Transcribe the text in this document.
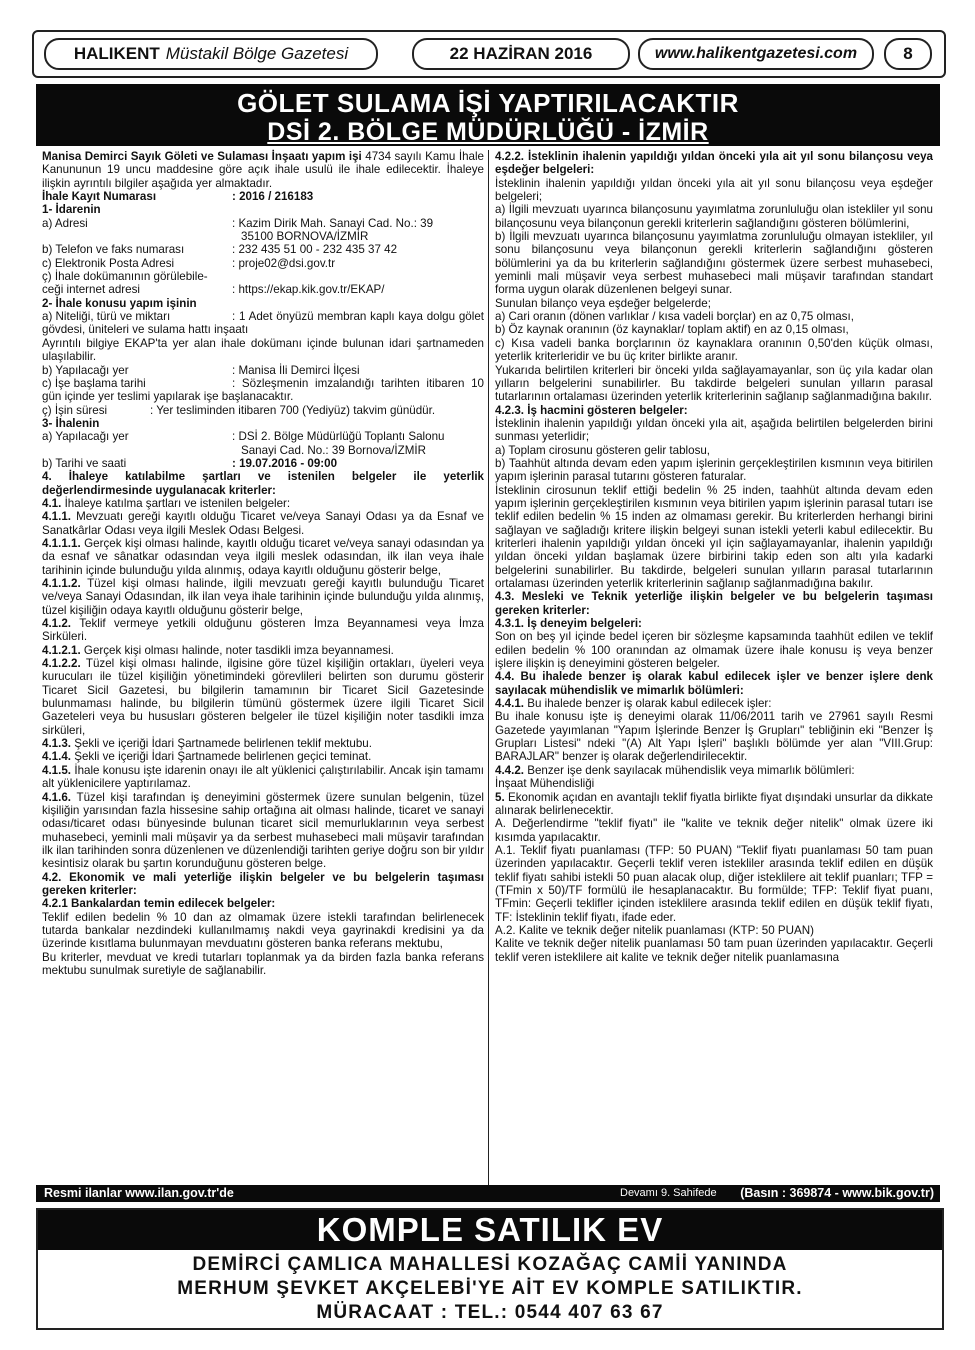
HALIKENT Müstakil Bölge Gazetesi	22 HAZİRAN 2016	www.halikentgazetesi.com	8
GÖLET SULAMA İŞİ YAPTIRILACAKTIR
DSİ 2. BÖLGE MÜDÜRLÜĞÜ - İZMİR

Manisa Demirci Sayık Göleti ve Sulaması İnşaatı yapım işi 4734 sayılı Kamu İhale Kanununun 19 uncu maddesine göre açık ihale usulü ile ihale edilecektir. İhaleye ilişkin ayrıntılı bilgiler aşağıda yer almaktadır.

İhale Kayıt Numarası	: 2016 / 216183

1- İdarenin

a) Adresi	: Kazim Dirik Mah. Sanayi Cad. No.: 39
35100 BORNOVA/İZMİR
b) Telefon ve faks numarası	: 232 435 51 00 - 232 435 37 42
c) Elektronik Posta Adresi	: proje02@dsi.gov.tr
ç) İhale dokümanının görülebile-
ceği internet adresi	: https://ekap.kik.gov.tr/EKAP/

2- İhale konusu yapım işinin

a) Niteliği, türü ve miktarı	: 1 Adet önyüzü membran kaplı kaya dolgu gölet gövdesi, üniteleri ve sulama hattı inşaatı

Ayrıntılı bilgiye EKAP'ta yer alan ihale dokümanı içinde bulunan idari şartnameden ulaşılabilir.

b) Yapılacağı yer	: Manisa İli Demirci İlçesi

c) İşe başlama tarihi	: Sözleşmenin imzalandığı tarihten itibaren 10 gün içinde yer teslimi yapılarak işe başlanacaktır.

ç) İşin süresi	: Yer tesliminden itibaren 700 (Yediyüz) takvim günüdür.

3- İhalenin

a) Yapılacağı yer	: DSİ 2. Bölge Müdürlüğü Toplantı Salonu
Sanayi Cad. No.: 39 Bornova/İZMİR
b) Tarihi ve saati	: 19.07.2016 - 09:00

4. İhaleye katılabilme şartları ve istenilen belgeler ile yeterlik değerlendirmesinde uygulanacak kriterler:

4.1. İhaleye katılma şartları ve istenilen belgeler:

4.1.1. Mevzuatı gereği kayıtlı olduğu Ticaret ve/veya Sanayi Odası ya da Esnaf ve Sanatkârlar Odası veya ilgili Meslek Odası Belgesi.

4.1.1.1. Gerçek kişi olması halinde, kayıtlı olduğu ticaret ve/veya sanayi odasından ya da esnaf ve sânatkar odasından veya ilgili meslek odasından, ilk ilan veya ihale tarihinin içinde bulunduğu yılda alınmış, odaya kayıtlı olduğunu gösterir belge,

4.1.1.2. Tüzel kişi olması halinde, ilgili mevzuatı gereği kayıtlı bulunduğu Ticaret ve/veya Sanayi Odasından, ilk ilan veya ihale tarihinin içinde bulunduğu yılda alınmış, tüzel kişiliğin odaya kayıtlı olduğunu gösterir belge,

4.1.2. Teklif vermeye yetkili olduğunu gösteren İmza Beyannamesi veya İmza Sirküleri.

4.1.2.1. Gerçek kişi olması halinde, noter tasdikli imza beyannamesi.

4.1.2.2. Tüzel kişi olması halinde, ilgisine göre tüzel kişiliğin ortakları, üyeleri veya kurucuları ile tüzel kişiliğin yönetimindeki görevlileri belirten son durumu gösterir Ticaret Sicil Gazetesi, bu bilgilerin tamamının bir Ticaret Sicil Gazetesinde bulunmaması halinde, bu bilgilerin tümünü göstermek üzere ilgili Ticaret Sicil Gazeteleri veya bu hususları gösteren belgeler ile tüzel kişiliğin noter tasdikli imza sirküleri,

4.1.3. Şekli ve içeriği İdari Şartnamede belirlenen teklif mektubu.

4.1.4. Şekli ve içeriği İdari Şartnamede belirlenen geçici teminat.

4.1.5. İhale konusu işte idarenin onayı ile alt yüklenici çalıştırılabilir. Ancak işin tamamı alt yüklenicilere yaptırılamaz.

4.1.6. Tüzel kişi tarafından iş deneyimini göstermek üzere sunulan belgenin, tüzel kişiliğin yarısından fazla hissesine sahip ortağına ait olması halinde, ticaret ve sanayi odası/ticaret odası bünyesinde bulunan ticaret sicil memurluklarının veya serbest muhasebeci, yeminli mali müşavir ya da serbest muhasebeci mali müşavir tarafından ilk ilan tarihinden sonra düzenlenen ve düzenlendiği tarihten geriye doğru son bir yıldır kesintisiz olarak bu şartın korunduğunu gösteren belge.

4.2. Ekonomik ve mali yeterliğe ilişkin belgeler ve bu belgelerin taşıması gereken kriterler:

4.2.1 Bankalardan temin edilecek belgeler:

Teklif edilen bedelin % 10 dan az olmamak üzere istekli tarafından belirlenecek tutarda bankalar nezdindeki kullanılmamış nakdi veya gayrinakdi kredisini ya da üzerinde kısıtlama bulunmayan mevduatını gösteren banka referans mektubu,

Bu kriterler, mevduat ve kredi tutarları toplanmak ya da birden fazla banka referans mektubu sunulmak suretiyle de sağlanabilir.

4.2.2. İsteklinin ihalenin yapıldığı yıldan önceki yıla ait yıl sonu bilançosu veya eşdeğer belgeleri:

İsteklinin ihalenin yapıldığı yıldan önceki yıla ait yıl sonu bilançosu veya eşdeğer belgeleri;

a) İlgili mevzuatı uyarınca bilançosunu yayımlatma zorunluluğu olan istekliler yıl sonu bilançosunu veya bilançonun gerekli kriterlerin sağlandığını gösteren bölümlerini,

b) İlgili mevzuatı uyarınca bilançosunu yayımlatma zorunluluğu olmayan istekliler, yıl sonu bilançosunu veya bilançonun gerekli kriterlerin sağlandığını gösteren bölümlerini ya da bu kriterlerin sağlandığını göstermek üzere serbest muhasebeci, yeminli mali müşavir veya serbest muhasebeci mali müşavir tarafından standart forma uygun olarak düzenlenen belgeyi sunar.

Sunulan bilanço veya eşdeğer belgelerde;

a) Cari oranın (dönen varlıklar / kısa vadeli borçlar) en az 0,75 olması,

b) Öz kaynak oranının (öz kaynaklar/ toplam aktif) en az 0,15 olması,

c) Kısa vadeli banka borçlarının öz kaynaklara oranının 0,50'den küçük olması, yeterlik kriterleridir ve bu üç kriter birlikte aranır.

Yukarıda belirtilen kriterleri bir önceki yılda sağlayamayanlar, son üç yıla kadar olan yılların belgelerini sunabilirler. Bu takdirde belgeleri sunulan yılların parasal tutarlarının ortalaması üzerinden yeterlik kriterlerinin sağlanıp sağlanmadığına bakılır.

4.2.3. İş hacmini gösteren belgeler:

İsteklinin ihalenin yapıldığı yıldan önceki yıla ait, aşağıda belirtilen belgelerden birini sunması yeterlidir;

a) Toplam cirosunu gösteren gelir tablosu,

b) Taahhüt altında devam eden yapım işlerinin gerçekleştirilen kısmının veya bitirilen yapım işlerinin parasal tutarını gösteren faturalar.

İsteklinin cirosunun teklif ettiği bedelin % 25 inden, taahhüt altında devam eden yapım işlerinin gerçekleştirilen kısmının veya bitirilen yapım işlerinin parasal tutarı ise teklif edilen bedelin % 15 inden az olmaması gerekir. Bu kriterlerden herhangi birini sağlayan ve sağladığı kritere ilişkin belgeyi sunan istekli yeterli kabul edilecektir. Bu kriterleri ihalenin yapıldığı yıldan önceki yıl için sağlayamayanlar, ihalenin yapıldığı yıldan önceki yıldan başlamak üzere birbirini takip eden son altı yıla kadarki belgelerini sunabilirler. Bu takdirde, belgeleri sunulan yılların parasal tutarlarının ortalaması üzerinden yeterlik kriterlerinin sağlanıp sağlanmadığına bakılır.

4.3. Mesleki ve Teknik yeterliğe ilişkin belgeler ve bu belgelerin taşıması gereken kriterler:

4.3.1. İş deneyim belgeleri:

Son on beş yıl içinde bedel içeren bir sözleşme kapsamında taahhüt edilen ve teklif edilen bedelin % 100 oranından az olmamak üzere ihale konusu iş veya benzer işlere ilişkin iş deneyimini gösteren belgeler.

4.4. Bu ihalede benzer iş olarak kabul edilecek işler ve benzer işlere denk sayılacak mühendislik ve mimarlık bölümleri:

4.4.1. Bu ihalede benzer iş olarak kabul edilecek işler:

Bu ihale konusu işte iş deneyimi olarak 11/06/2011 tarih ve 27961 sayılı Resmi Gazetede yayımlanan "Yapım İşlerinde Benzer İş Grupları" tebliğinin eki "Benzer İş Grupları Listesi" ndeki "(A) Alt Yapı İşleri" başlıklı bölümde yer alan "VIII.Grup: BARAJLAR" benzer iş olarak değerlendirilecektir.

4.4.2. Benzer işe denk sayılacak mühendislik veya mimarlık bölümleri:

İnşaat Mühendisliği

5. Ekonomik açıdan en avantajlı teklif fiyatla birlikte fiyat dışındaki unsurlar da dikkate alınarak belirlenecektir.

A. Değerlendirme "teklif fiyatı" ile "kalite ve teknik değer nitelik" olmak üzere iki kısımda yapılacaktır.

A.1. Teklif fiyatı puanlaması (TFP: 50 PUAN) "Teklif fiyatı puanlaması 50 tam puan üzerinden yapılacaktır. Geçerli teklif veren istekliler arasında teklif edilen en düşük teklif fiyatı sahibi istekli 50 puan alacak olup, diğer isteklilere ait teklif puanları; TFP = (TFmin x 50)/TF formülü ile hesaplanacaktır. Bu formülde; TFP: Teklif fiyat puanı, TFmin: Geçerli teklifler içinden isteklilere arasında teklif edilen en düşük teklif fiyatı, TF: İsteklinin teklif fiyatı, ifade eder.

A.2. Kalite ve teknik değer nitelik puanlaması (KTP: 50 PUAN)

Kalite ve teknik değer nitelik puanlaması 50 tam puan üzerinden yapılacaktır. Geçerli teklif veren isteklilere ait kalite ve teknik değer nitelik puanlamasına

Resmi ilanlar www.ilan.gov.tr'de	Devamı 9. Sahifede (Basın : 369874 - www.bik.gov.tr)
KOMPLE SATILIK EV
DEMİRCİ ÇAMLICA MAHALLESİ KOZAĞAÇ CAMİİ YANINDA
MERHUM ŞEVKET AKÇELEBİ'YE AİT EV KOMPLE SATILIKTIR.
MÜRACAAT : TEL.: 0544 407 63 67
